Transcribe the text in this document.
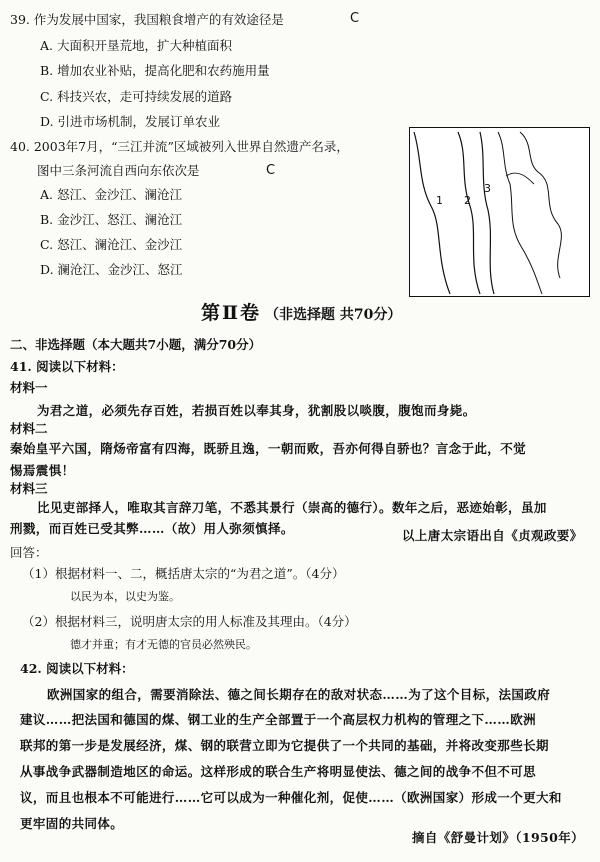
39. 作为发展中国家，我国粮食增产的有效途径是	C
A. 大面积开垦荒地，扩大种植面积
B. 增加农业补贴，提高化肥和农药施用量
C. 科技兴农，走可持续发展的道路
D. 引进市场机制，发展订单农业
40. 2003年7月，“三江并流”区域被列入世界自然遗产名录，
图中三条河流自西向东依次是	C
A. 怒江、金沙江、澜沧江
B. 金沙江、怒江、澜沧江
C. 怒江、澜沧江、金沙江
D. 澜沧江、金沙江、怒江
1 2
3
第Ⅱ卷 （非选择题 共70分）
二、非选择题（本大题共7小题，满分70分）
41. 阅读以下材料：
材料一
为君之道，必须先存百姓，若损百姓以奉其身，犹割股以啖腹，腹饱而身毙。
材料二
秦始皇平六国，隋炀帝富有四海，既骄且逸，一朝而败，吾亦何得自骄也？言念于此，不觉
惕焉震惧！
材料三
比见吏部择人，唯取其言辞刀笔，不悉其景行（崇高的德行）。数年之后，恶迹始彰，虽加
刑戮，而百姓已受其弊……（故）用人弥须慎择。	以上唐太宗语出自《贞观政要》
回答：
（1）根据材料一、二，概括唐太宗的“为君之道”。（4分）
以民为本，以史为鉴。
（2）根据材料三，说明唐太宗的用人标准及其理由。（4分）
德才并重；有才无德的官员必然殃民。
42. 阅读以下材料：
欧洲国家的组合，需要消除法、德之间长期存在的敌对状态……为了这个目标，法国政府
建议……把法国和德国的煤、钢工业的生产全部置于一个高层权力机构的管理之下……欧洲
联邦的第一步是发展经济，煤、钢的联营立即为它提供了一个共同的基础，并将改变那些长期
从事战争武器制造地区的命运。这样形成的联合生产将明显使法、德之间的战争不但不可思
议，而且也根本不可能进行……它可以成为一种催化剂，促使……（欧洲国家）形成一个更大和
更牢固的共同体。
摘自《舒曼计划》（1950年）
